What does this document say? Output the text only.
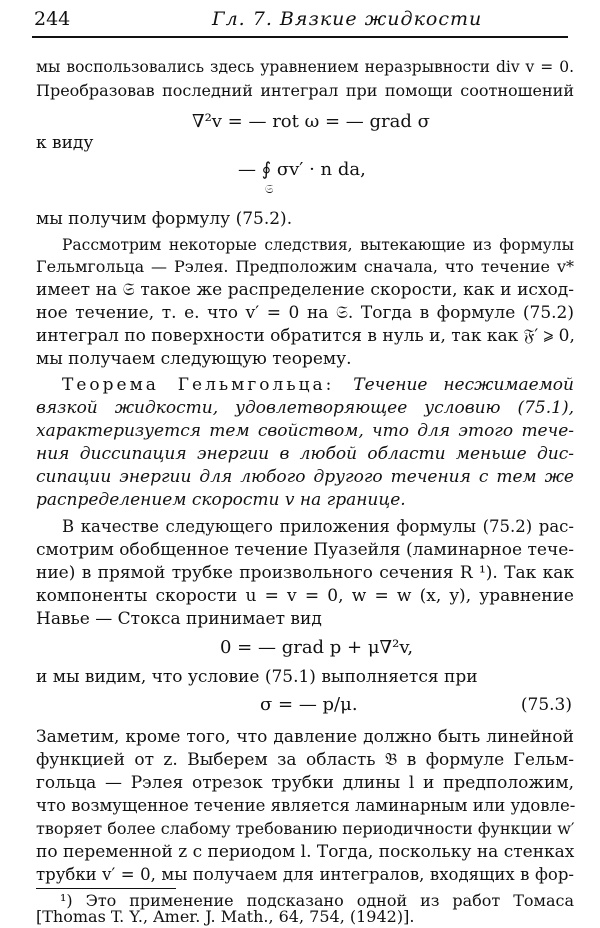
244	Гл. 7. Вязкие жидкости
мы воспользовались здесь уравнением неразрывности div v = 0.
Преобразовав последний интеграл при помощи соотношений
∇²v = — rot ω = — grad σ
к виду
— ∮ σv′ · n da,
𝔖
мы получим формулу (75.2).
Рассмотрим некоторые следствия, вытекающие из формулы
Гельмгольца — Рэлея. Предположим сначала, что течение v*
имеет на 𝔖 такое же распределение скорости, как и исход-
ное течение, т. е. что v′ = 0 на 𝔖. Тогда в формуле (75.2)
интеграл по поверхности обратится в нуль и, так как 𝔉′ ⩾ 0,
мы получаем следующую теорему.
Теорема Гельмгольца: Течение несжимаемой
вязкой жидкости, удовлетворяющее условию (75.1),
характеризуется тем свойством, что для этого тече-
ния диссипация энергии в любой области меньше дис-
сипации энергии для любого другого течения с тем же
распределением скорости v на границе.
В качестве следующего приложения формулы (75.2) рас-
смотрим обобщенное течение Пуазейля (ламинарное тече-
ние) в прямой трубке произвольного сечения R ¹). Так как
компоненты скорости u = v = 0, w = w (x, y), уравнение
Навье — Стокса принимает вид
0 = — grad p + μ∇²v,
и мы видим, что условие (75.1) выполняется при
σ = — p/μ.	(75.3)
Заметим, кроме того, что давление должно быть линейной
функцией от z. Выберем за область 𝔅 в формуле Гельм-
гольца — Рэлея отрезок трубки длины l и предположим,
что возмущенное течение является ламинарным или удовле-
творяет более слабому требованию периодичности функции w′
по переменной z с периодом l. Тогда, поскольку на стенках
трубки v′ = 0, мы получаем для интегралов, входящих в фор-
¹) Это применение подсказано одной из работ Томаса
[Thomas T. Y., Amer. J. Math., 64, 754, (1942)].
